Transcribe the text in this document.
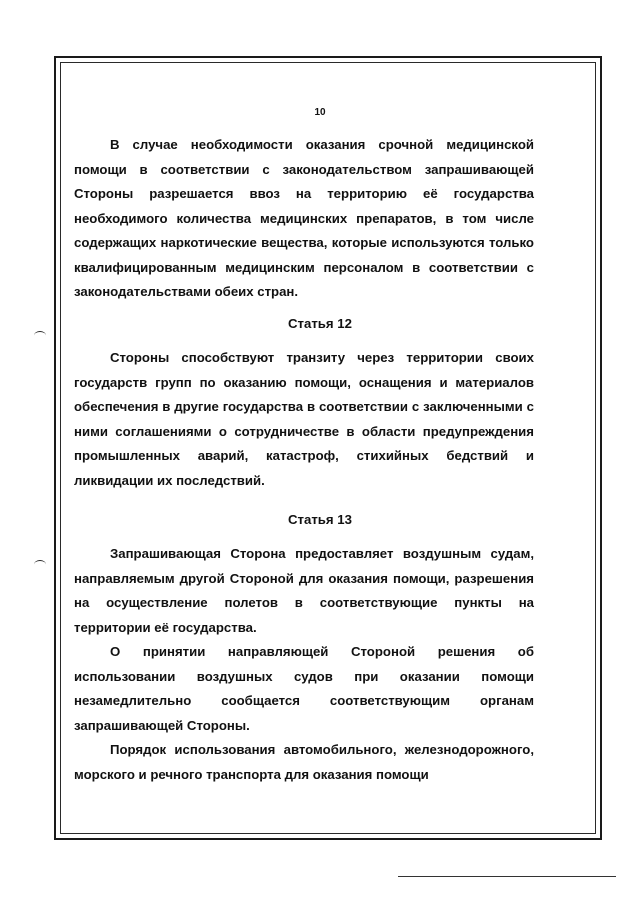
10

В случае необходимости оказания срочной медицинской помощи в соответствии с законодательством запрашивающей Стороны разрешается ввоз на территорию её государства необходимого количества медицинских препаратов, в том числе содержащих наркотические вещества, которые используются только квалифицированным медицинским персоналом в соответствии с законодательствами обеих стран.

Статья 12

Стороны способствуют транзиту через территории своих государств групп по оказанию помощи, оснащения и материалов обеспечения в другие государства в соответствии с заключенными с ними соглашениями о сотрудничестве в области предупреждения промышленных аварий, катастроф, стихийных бедствий и ликвидации их последствий.

Статья 13

Запрашивающая Сторона предоставляет воздушным судам, направляемым другой Стороной для оказания помощи, разрешения на осуществление полетов в соответствующие пункты на территории её государства.

О принятии направляющей Стороной решения об использовании воздушных судов при оказании помощи незамедлительно сообщается соответствующим органам запрашивающей Стороны.

Порядок использования автомобильного, железнодорожного, морского и речного транспорта для оказания помощи
